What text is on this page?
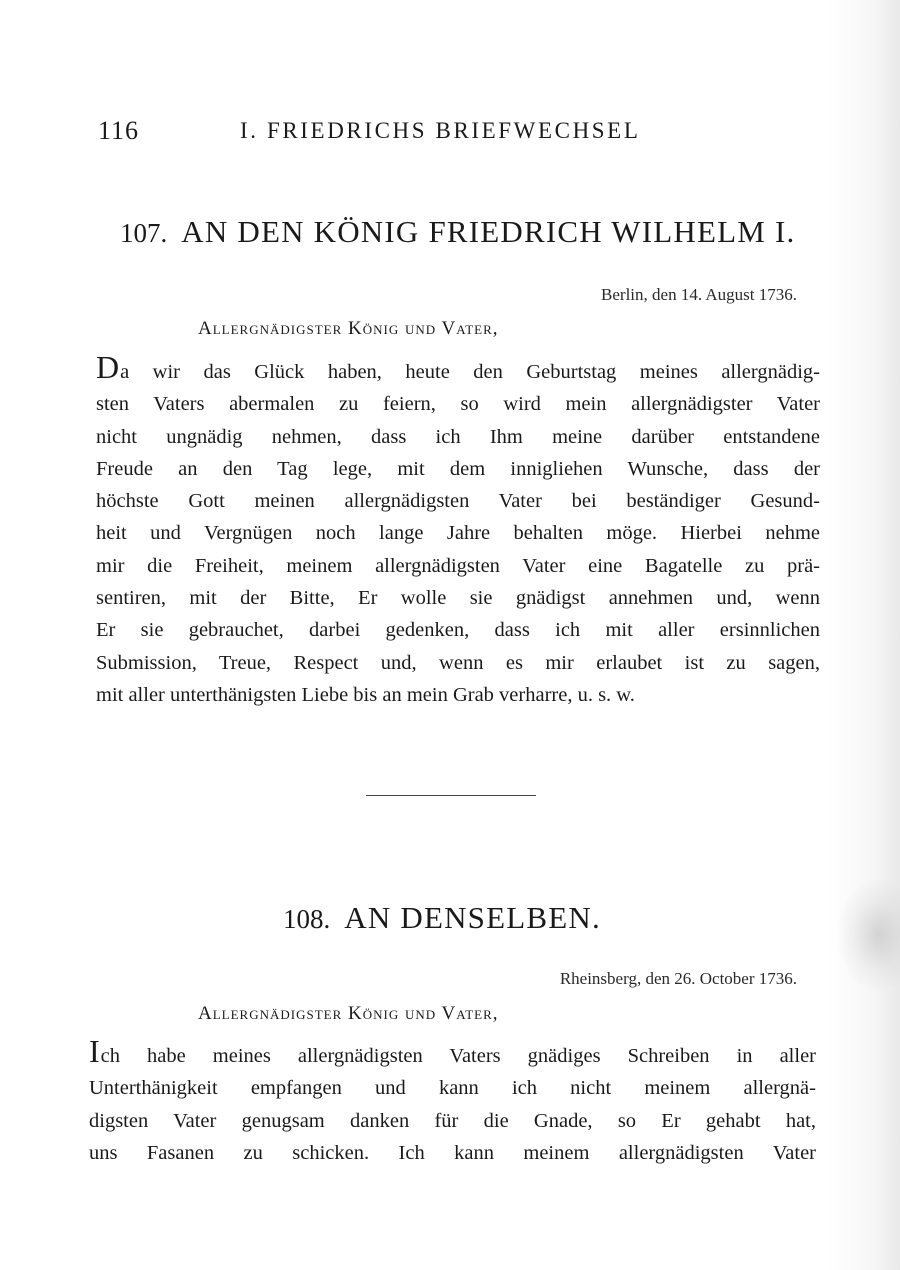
116	I. FRIEDRICHS BRIEFWECHSEL
107. AN DEN KÖNIG FRIEDRICH WILHELM I.
Berlin, den 14. August 1736.
Allergnädigster König und Vater,
Da wir das Glück haben, heute den Geburtstag meines allergnädig-
sten Vaters abermalen zu feiern, so wird mein allergnädigster Vater
nicht ungnädig nehmen, dass ich Ihm meine darüber entstandene
Freude an den Tag lege, mit dem innigliehen Wunsche, dass der
höchste Gott meinen allergnädigsten Vater bei beständiger Gesund-
heit und Vergnügen noch lange Jahre behalten möge. Hierbei nehme
mir die Freiheit, meinem allergnädigsten Vater eine Bagatelle zu prä-
sentiren, mit der Bitte, Er wolle sie gnädigst annehmen und, wenn
Er sie gebrauchet, darbei gedenken, dass ich mit aller ersinnlichen
Submission, Treue, Respect und, wenn es mir erlaubet ist zu sagen,
mit aller unterthänigsten Liebe bis an mein Grab verharre, u. s. w.
108. AN DENSELBEN.
Rheinsberg, den 26. October 1736.
Allergnädigster König und Vater,
Ich habe meines allergnädigsten Vaters gnädiges Schreiben in aller
Unterthänigkeit empfangen und kann ich nicht meinem allergnä-
digsten Vater genugsam danken für die Gnade, so Er gehabt hat,
uns Fasanen zu schicken. Ich kann meinem allergnädigsten Vater
